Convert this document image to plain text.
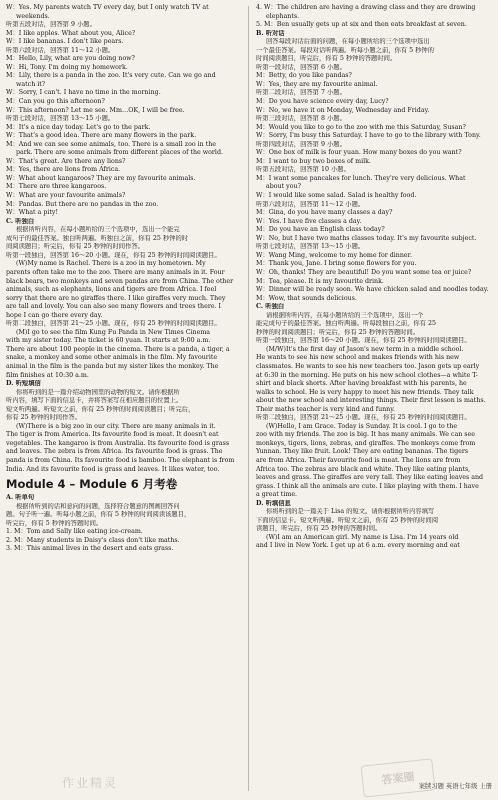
W：Yes. My parents watch TV every day, but I only watch TV at
weekends.
听第五段对话，回答第 9 小题。
M：I like apples. What about you, Alice?
W：I like bananas. I don't like pears.
听第六段对话，回答第 11～12 小题。
M：Hello, Lily, what are you doing now?
W：Hi, Tony. I'm doing my homework.
M：Lily, there is a panda in the zoo. It's very cute. Can we go and
watch it?
W：Sorry, I can't. I have no time in the morning.
M：Can you go this afternoon?
W：This afternoon? Let me see. Mm…OK, I will be free.
听第七段对话，回答第 13～15 小题。
M：It's a nice day today. Let's go to the park.
W：That's a good idea. There are many flowers in the park.
M：And we can see some animals, too. There is a small zoo in the
park. There are some animals from different places of the world.
W：That's great. Are there any lions?
M：Yes, there are lions from Africa.
W：What about kangaroos? They are my favourite animals.
M：There are three kangaroos.
W：What are your favourite animals?
M：Pandas. But there are no pandas in the zoo.
W：What a pity!
C. 听独白
根据所听内容，在每小题所给的三个选项中，选出一个能完
成句子的最佳答案。独白听两遍。听独白之前，你有 25 秒钟的时
间阅读题目；听完后，你有 25 秒钟的时间作答。
听第一段独白，回答第 16～20 小题。现在，你有 25 秒钟的时间阅读题目。
(W)My name is Rachel. There is a zoo in my hometown. My
parents often take me to the zoo. There are many animals in it. Four
black bears, two monkeys and seven pandas are from China. The other
animals, such as elephants, lions and tigers are from Africa. I feel
sorry that there are no giraffes there. I like giraffes very much. They
are tall and lovely. You can also see many flowers and trees there. I
hope I can go there every day.
听第二段独白，回答第 21～25 小题。现在，你有 25 秒钟的时间阅读题目。
(M)I go to see the film Kung Fu Panda in New Times Cinema
with my sister today. The ticket is 60 yuan. It starts at 9:00 a.m.
There are about 100 people in the cinema. There is a panda, a tiger, a
snake, a monkey and some other animals in the film. My favourite
animal in the film is the panda but my sister likes the monkey. The
film finishes at 10:30 a.m.
D. 听短填信
你将听到的是一篇介绍动物园里的动物的短文。请你根据所
听内容，填写下面的信息卡，并将答案写在相应题目的位置上。
短文听两遍。听短文之前，你有 25 秒钟的时间阅读题目；听完后，
你有 25 秒钟的时间作答。
(W)There is a big zoo in our city. There are many animals in it.
The tiger is from America. Its favourite food is meat. It doesn't eat
vegetables. The kangaroo is from Australia. Its favourite food is grass
and leaves. The zebra is from Africa. Its favourite food is grass. The
panda is from China. Its favourite food is bamboo. The elephant is from
India. And its favourite food is grass and leaves. It likes water, too.
Module 4 – Module 6 月考卷
A. 听单句
根据所听到的话和意向的问题，选择符合题意的图画回答问
题。句子听一遍。听每小题之前，你有 5 秒钟的时间阅读该题目，
听完后，你有 5 秒钟的答题时间。
1. M：Tom and Sally like eating ice-cream.
2. M：Many students in Daisy's class don't like maths.
3. M：This animal lives in the desert and eats grass.
4. W：The children are having a drawing class and they are drawing
elephants.
5. M：Ben usually gets up at six and then eats breakfast at seven.
B. 听对话
回答每段对话后面的问题，在每小题所给的三个选项中选出
一个最佳答案。每段对话听两遍。听每小题之前，你有 5 秒钟的
时间阅读题目，听完后，你有 5 秒钟的答题时间。
听第一段对话，回答第 6 小题。
M：Betty, do you like pandas?
W：Yes, they are my favourite animal.
听第二段对话，回答第 7 小题。
M：Do you have science every day, Lucy?
W：No, we have it on Monday, Wednesday and Friday.
听第三段对话，回答第 8 小题。
M：Would you like to go to the zoo with me this Saturday, Susan?
W：Sorry, I'm busy this Saturday. I have to go to the library with Tony.
听第四段对话，回答第 9 小题。
W：One box of milk is four yuan. How many boxes do you want?
M：I want to buy two boxes of milk.
听第五段对话，回答第 10 小题。
M：I want some pancakes for lunch. They're very delicious. What
about you?
W：I would like some salad. Salad is healthy food.
听第六段对话，回答第 11～12 小题。
M：Gina, do you have many classes a day?
W：Yes. I have five classes a day.
M：Do you have an English class today?
W：No, but I have two maths classes today. It's my favourite subject.
听第七段对话，回答第 13～15 小题。
W：Wang Ming, welcome to my home for dinner.
M：Thank you, Jane. I bring some flowers for you.
W：Oh, thanks! They are beautiful! Do you want some tea or juice?
M：Tea, please. It is my favourite drink.
W：Dinner will be ready soon. We have chicken salad and noodles today.
M：Wow, that sounds delicious.
C. 听独白
请根据所听内容，在每小题所给的三个选项中，选出一个
能完成句子的最佳答案。独白听两遍。听每段独白之前，你有 25
秒钟的时间阅读题目；听完后，你有 25 秒钟的答题时间。
听第一段独白，回答第 16～20 小题。现在，你有 25 秒钟的时间阅读题目。
(M/W)It's the first day of Jason's new term in a middle school.
He wants to see his new school and makes friends with his new
classmates. He wants to see his new teachers too. Jason gets up early
at 6:30 in the morning. He puts on his new school clothes—a white T-
shirt and black shorts. After having breakfast with his parents, he
walks to school. He is very happy to meet his new friends. They talk
about the new school and interesting things. Their first lesson is maths.
Their maths teacher is very kind and funny.
听第二段独白，回答第 21～25 小题。现在，你有 25 秒钟的时间阅读题目。
(W)Hello, I am Grace. Today is Sunday. It is cool. I go to the
zoo with my friends. The zoo is big. It has many animals. We can see
monkeys, tigers, lions, zebras, and giraffes. The monkeys come from
Yunnan. They like fruit. Look! They are eating bananas. The tigers
are from Africa. Their favourite food is meat. The lions are from
Africa too. The zebras are black and white. They like eating plants,
leaves and grass. The giraffes are very tall. They like eating leaves and
grass. I think all the animals are cute. I like playing with them. I have
a great time.
D. 听填信息
你将听到的是一篇关于 Lisa 的短文。请你根据所听内容填写
下面的信息卡。短文听两遍。听短文之前，你有 25 秒钟的时间阅
读题目，听完后，你有 25 秒钟的答题时间。
(W)I am an American girl. My name is Lisa. I'm 14 years old
and I live in New York. I get up at 6 a.m. every morning and eat
作业精灵	答案圈 案牍习题 英语七年级 上册
